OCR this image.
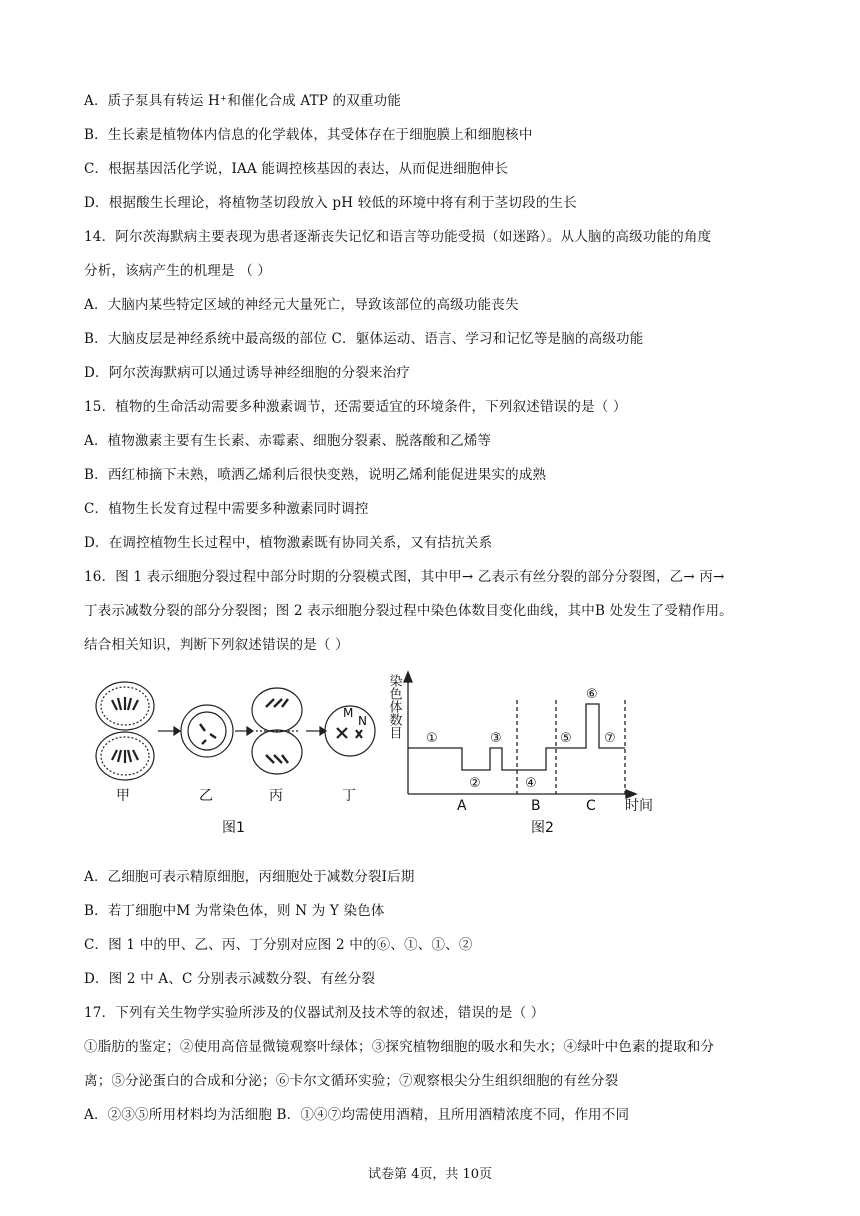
A．质子泵具有转运 H⁺和催化合成 ATP 的双重功能
B．生长素是植物体内信息的化学载体，其受体存在于细胞膜上和细胞核中
C．根据基因活化学说，IAA 能调控核基因的表达，从而促进细胞伸长
D．根据酸生长理论，将植物茎切段放入 pH 较低的环境中将有利于茎切段的生长
14．阿尔茨海默病主要表现为患者逐渐丧失记忆和语言等功能受损（如迷路）。从人脑的高级功能的角度
分析，该病产生的机理是 （ ）
A．大脑内某些特定区域的神经元大量死亡，导致该部位的高级功能丧失
B．大脑皮层是神经系统中最高级的部位 C．躯体运动、语言、学习和记忆等是脑的高级功能
D．阿尔茨海默病可以通过诱导神经细胞的分裂来治疗
15．植物的生命活动需要多种激素调节，还需要适宜的环境条件，下列叙述错误的是（ ）
A．植物激素主要有生长素、赤霉素、细胞分裂素、脱落酸和乙烯等
B．西红柿摘下未熟，喷洒乙烯利后很快变熟，说明乙烯利能促进果实的成熟
C．植物生长发育过程中需要多种激素同时调控
D．在调控植物生长过程中，植物激素既有协同关系，又有拮抗关系
16．图 1 表示细胞分裂过程中部分时期的分裂模式图，其中甲→ 乙表示有丝分裂的部分分裂图，乙→ 丙→
丁表示减数分裂的部分分裂图；图 2 表示细胞分裂过程中染色体数目变化曲线，其中B 处发生了受精作用。
结合相关知识，判断下列叙述错误的是（ ）
A．乙细胞可表示精原细胞，丙细胞处于减数分裂I后期
B．若丁细胞中M 为常染色体，则 N 为 Y 染色体
C．图 1 中的甲、乙、丙、丁分别对应图 2 中的⑥、①、①、②
D．图 2 中 A、C 分别表示减数分裂、有丝分裂
17．下列有关生物学实验所涉及的仪器试剂及技术等的叙述，错误的是（ ）
①脂肪的鉴定；②使用高倍显微镜观察叶绿体；③探究植物细胞的吸水和失水；④绿叶中色素的提取和分
离；⑤分泌蛋白的合成和分泌；⑥卡尔文循环实验；⑦观察根尖分生组织细胞的有丝分裂
A．②③⑤所用材料均为活细胞 B．①④⑦均需使用酒精，且所用酒精浓度不同，作用不同
M
N
甲	乙	丙	丁
图1
染色体数目 ①
②
③
④
⑤
⑥
⑦
A	B	C 时间
图2
试卷第 4页，共 10页
